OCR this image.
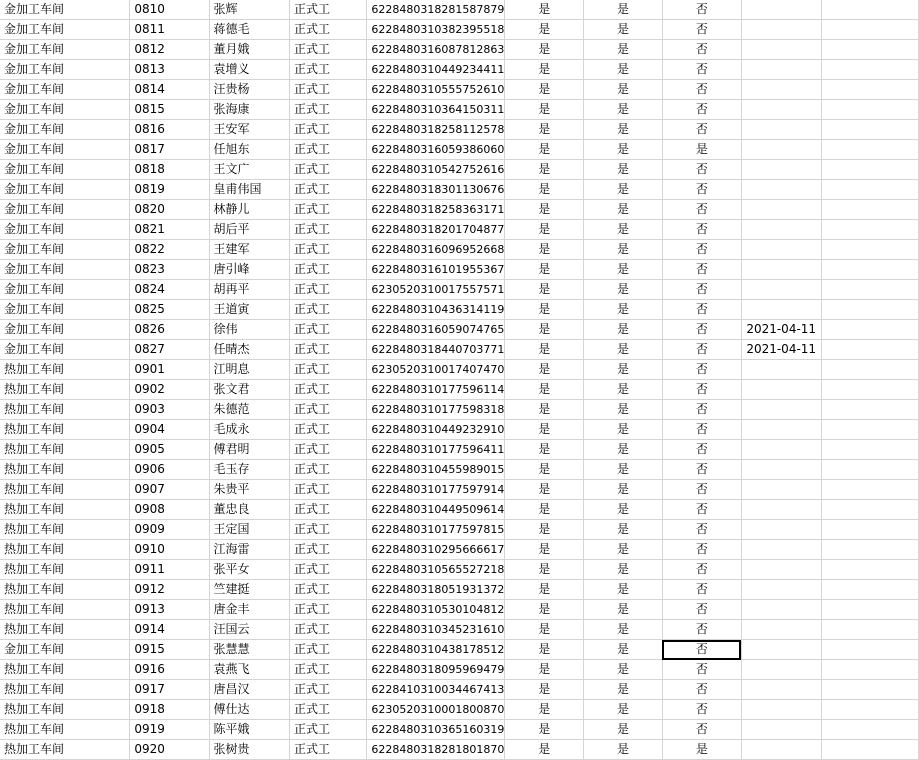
金加工车间	0810	张辉	正式工	6228480318281587879	是	是	否		
金加工车间	0811	蒋德毛	正式工	6228480310382395518	是	是	否		
金加工车间	0812	董月娥	正式工	6228480316087812863	是	是	否		
金加工车间	0813	袁增义	正式工	6228480310449234411	是	是	否		
金加工车间	0814	汪贵杨	正式工	6228480310555752610	是	是	否		
金加工车间	0815	张海康	正式工	6228480310364150311	是	是	否		
金加工车间	0816	王安军	正式工	6228480318258112578	是	是	否		
金加工车间	0817	任旭东	正式工	6228480316059386060	是	是	是		
金加工车间	0818	王文广	正式工	6228480310542752616	是	是	否		
金加工车间	0819	皇甫伟国	正式工	6228480318301130676	是	是	否		
金加工车间	0820	林静儿	正式工	6228480318258363171	是	是	否		
金加工车间	0821	胡后平	正式工	6228480318201704877	是	是	否		
金加工车间	0822	王建军	正式工	6228480316096952668	是	是	否		
金加工车间	0823	唐引峰	正式工	6228480316101955367	是	是	否		
金加工车间	0824	胡再平	正式工	6230520310017557571	是	是	否		
金加工车间	0825	王道寅	正式工	6228480310436314119	是	是	否		
金加工车间	0826	徐伟	正式工	6228480316059074765	是	是	否	2021-04-11	
金加工车间	0827	任晴杰	正式工	6228480318440703771	是	是	否	2021-04-11	
热加工车间	0901	江明息	正式工	6230520310017407470	是	是	否		
热加工车间	0902	张文君	正式工	6228480310177596114	是	是	否		
热加工车间	0903	朱德范	正式工	6228480310177598318	是	是	否		
热加工车间	0904	毛成永	正式工	6228480310449232910	是	是	否		
热加工车间	0905	傅君明	正式工	6228480310177596411	是	是	否		
热加工车间	0906	毛玉存	正式工	6228480310455989015	是	是	否		
热加工车间	0907	朱贵平	正式工	6228480310177597914	是	是	否		
热加工车间	0908	董忠良	正式工	6228480310449509614	是	是	否		
热加工车间	0909	王定国	正式工	6228480310177597815	是	是	否		
热加工车间	0910	江海雷	正式工	6228480310295666617	是	是	否		
热加工车间	0911	张平女	正式工	6228480310565527218	是	是	否		
热加工车间	0912	竺建挺	正式工	6228480318051931372	是	是	否		
热加工车间	0913	唐金丰	正式工	6228480310530104812	是	是	否		
热加工车间	0914	汪国云	正式工	6228480310345231610	是	是	否		
金加工车间	0915	张慧慧	正式工	6228480310438178512	是	是	否		
热加工车间	0916	袁燕飞	正式工	6228480318095969479	是	是	否		
热加工车间	0917	唐昌汉	正式工	6228410310034467413	是	是	否		
热加工车间	0918	傅仕达	正式工	6230520310001800870	是	是	否		
热加工车间	0919	陈平娥	正式工	6228480310365160319	是	是	否		
热加工车间	0920	张树贵	正式工	6228480318281801870	是	是	是		
